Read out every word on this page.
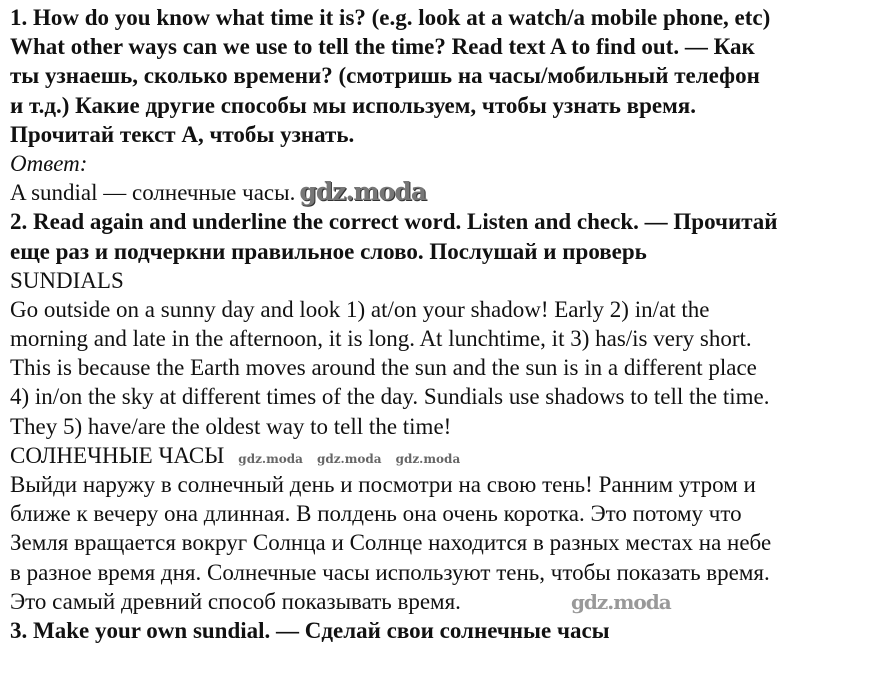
1. How do you know what time it is? (e.g. look at a watch/a mobile phone, etc)
What other ways can we use to tell the time? Read text A to find out. — Как
ты узнаешь, сколько времени? (смотришь на часы/мобильный телефон
и т.д.) Какие другие способы мы используем, чтобы узнать время.
Прочитай текст А, чтобы узнать.
Ответ:
A sundial — солнечные часы. gdz.moda
2. Read again and underline the correct word. Listen and check. — Прочитай
еще раз и подчеркни правильное слово. Послушай и проверь
SUNDIALS
Go outside on a sunny day and look 1) at/on your shadow! Early 2) in/at the
morning and late in the afternoon, it is long. At lunchtime, it 3) has/is very short.
This is because the Earth moves around the sun and the sun is in a different place
4) in/on the sky at different times of the day. Sundials use shadows to tell the time.
They 5) have/are the oldest way to tell the time!
СОЛНЕЧНЫЕ ЧАСЫ gdz.moda gdz.moda gdz.moda
Выйди наружу в солнечный день и посмотри на свою тень! Ранним утром и
ближе к вечеру она длинная. В полдень она очень коротка. Это потому что
Земля вращается вокруг Солнца и Солнце находится в разных местах на небе
в разное время дня. Солнечные часы используют тень, чтобы показать время.
Это самый древний способ показывать время.	gdz.moda
3. Make your own sundial. — Сделай свои солнечные часы
